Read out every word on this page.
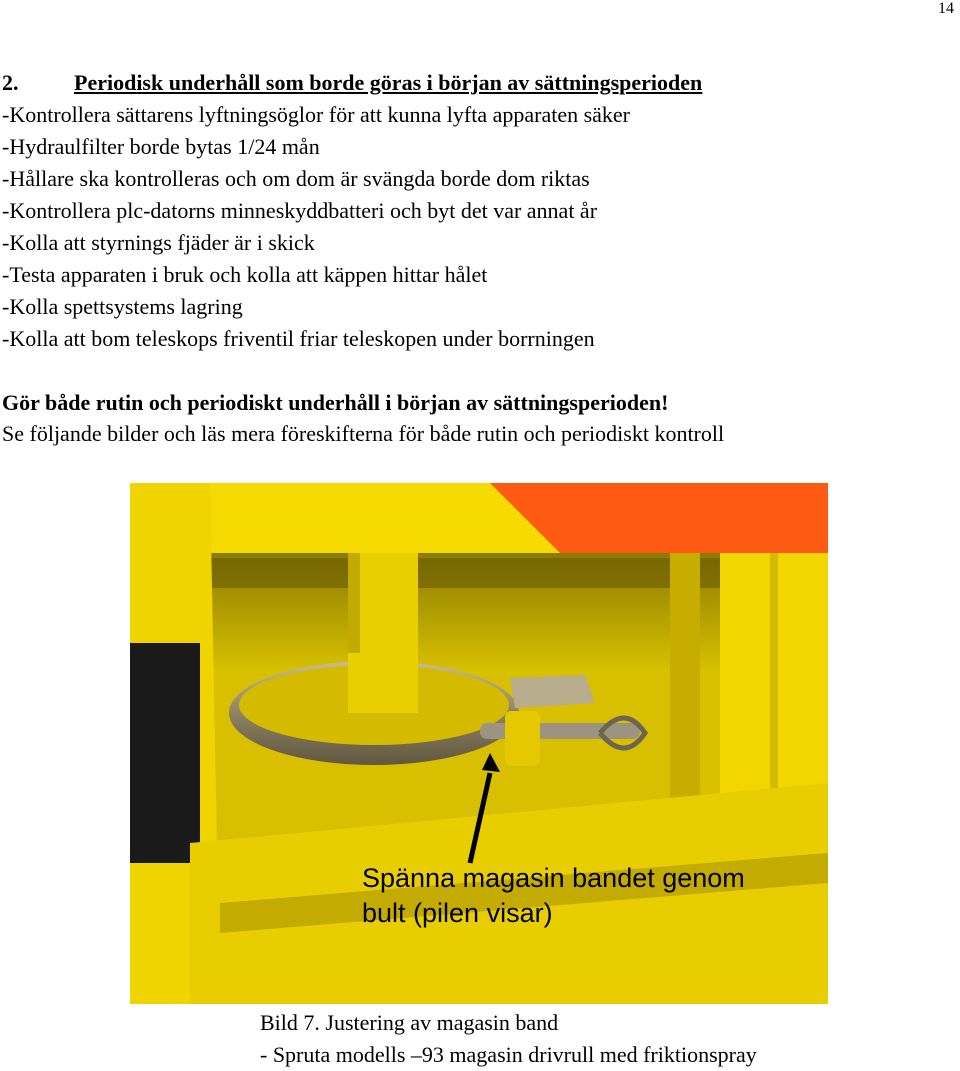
14
2.	Periodisk underhåll som borde göras i början av sättningsperioden
-Kontrollera sättarens lyftningsöglor för att kunna lyfta apparaten säker
-Hydraulfilter borde bytas 1/24 mån
-Hållare ska kontrolleras och om dom är svängda borde dom riktas
-Kontrollera plc-datorns minneskyddbatteri och byt det var annat år
-Kolla att styrnings fjäder är i skick
-Testa apparaten i bruk och kolla att käppen hittar hålet
-Kolla spettsystems lagring
-Kolla att bom teleskops friventil friar teleskopen under borrningen
Gör både rutin och periodiskt underhåll i början av sättningsperioden!
Se följande bilder och läs mera föreskifterna för både rutin och periodiskt kontroll
Spänna magasin bandet genom
bult (pilen visar)
Bild 7. Justering av magasin band
- Spruta modells –93 magasin drivrull med friktionspray
